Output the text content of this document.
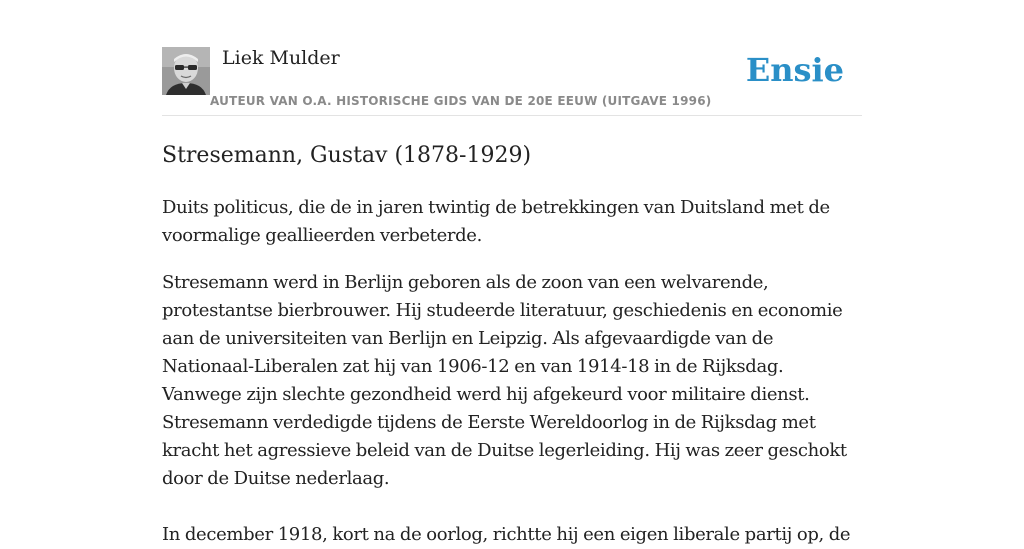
Liek Mulder
AUTEUR VAN O.A. HISTORISCHE GIDS VAN DE 20E EEUW (UITGAVE 1996)
Ensie
Stresemann, Gustav (1878-1929)

Duits politicus, die de in jaren twintig de betrekkingen van Duitsland met de voormalige geallieerden verbeterde.

Stresemann werd in Berlijn geboren als de zoon van een welvarende, protestantse bierbrouwer. Hij studeerde literatuur, geschiedenis en economie aan de universiteiten van Berlijn en Leipzig. Als afgevaardigde van de Nationaal-Liberalen zat hij van 1906-12 en van 1914-18 in de Rijksdag. Vanwege zijn slechte gezondheid werd hij afgekeurd voor militaire dienst. Stresemann verdedigde tijdens de Eerste Wereldoorlog in de Rijksdag met kracht het agressieve beleid van de Duitse legerleiding. Hij was zeer geschokt door de Duitse nederlaag.

In december 1918, kort na de oorlog, richtte hij een eigen liberale partij op, de
